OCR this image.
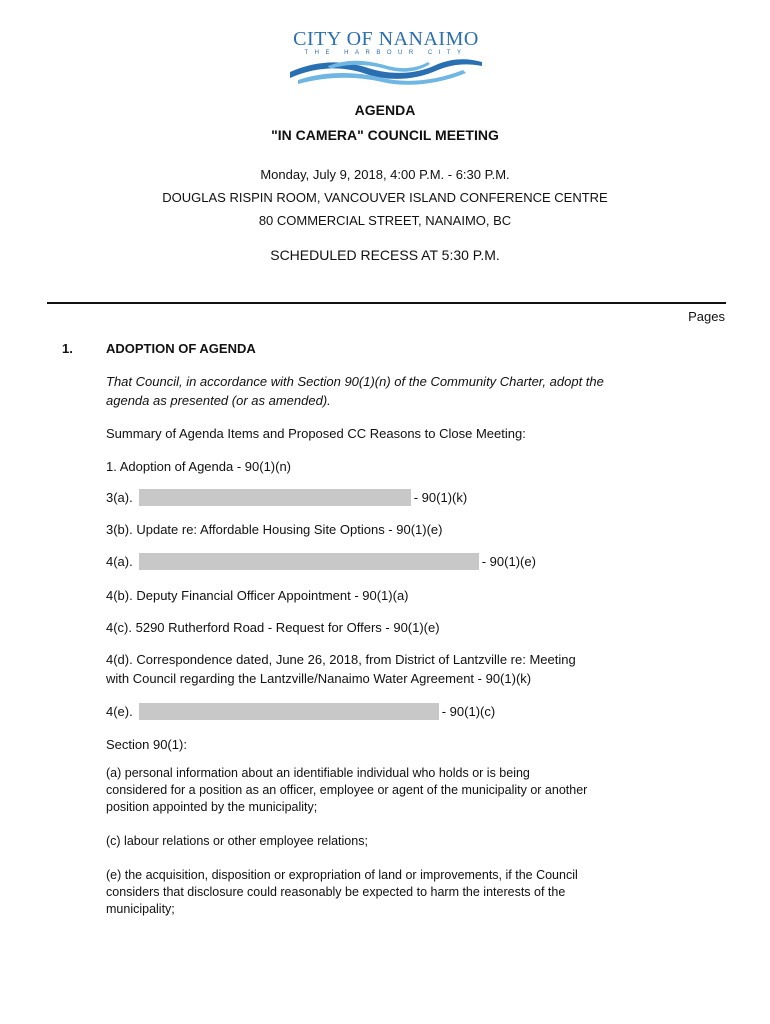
CITY OF NANAIMO
THE HARBOUR CITY
AGENDA
"IN CAMERA" COUNCIL MEETING
Monday, July 9, 2018, 4:00 P.M. - 6:30 P.M.
DOUGLAS RISPIN ROOM, VANCOUVER ISLAND CONFERENCE CENTRE
80 COMMERCIAL STREET, NANAIMO, BC
SCHEDULED RECESS AT 5:30 P.M.
Pages
1.	ADOPTION OF AGENDA
That Council, in accordance with Section 90(1)(n) of the Community Charter, adopt the
agenda as presented (or as amended).
Summary of Agenda Items and Proposed CC Reasons to Close Meeting:
1. Adoption of Agenda - 90(1)(n)
3(a).	- 90(1)(k)
3(b). Update re: Affordable Housing Site Options - 90(1)(e)
4(a).	- 90(1)(e)
4(b). Deputy Financial Officer Appointment - 90(1)(a)
4(c). 5290 Rutherford Road - Request for Offers - 90(1)(e)
4(d). Correspondence dated, June 26, 2018, from District of Lantzville re: Meeting
with Council regarding the Lantzville/Nanaimo Water Agreement - 90(1)(k)
4(e).	- 90(1)(c)
Section 90(1):
(a) personal information about an identifiable individual who holds or is being
considered for a position as an officer, employee or agent of the municipality or another
position appointed by the municipality;
(c) labour relations or other employee relations;
(e) the acquisition, disposition or expropriation of land or improvements, if the Council
considers that disclosure could reasonably be expected to harm the interests of the
municipality;
